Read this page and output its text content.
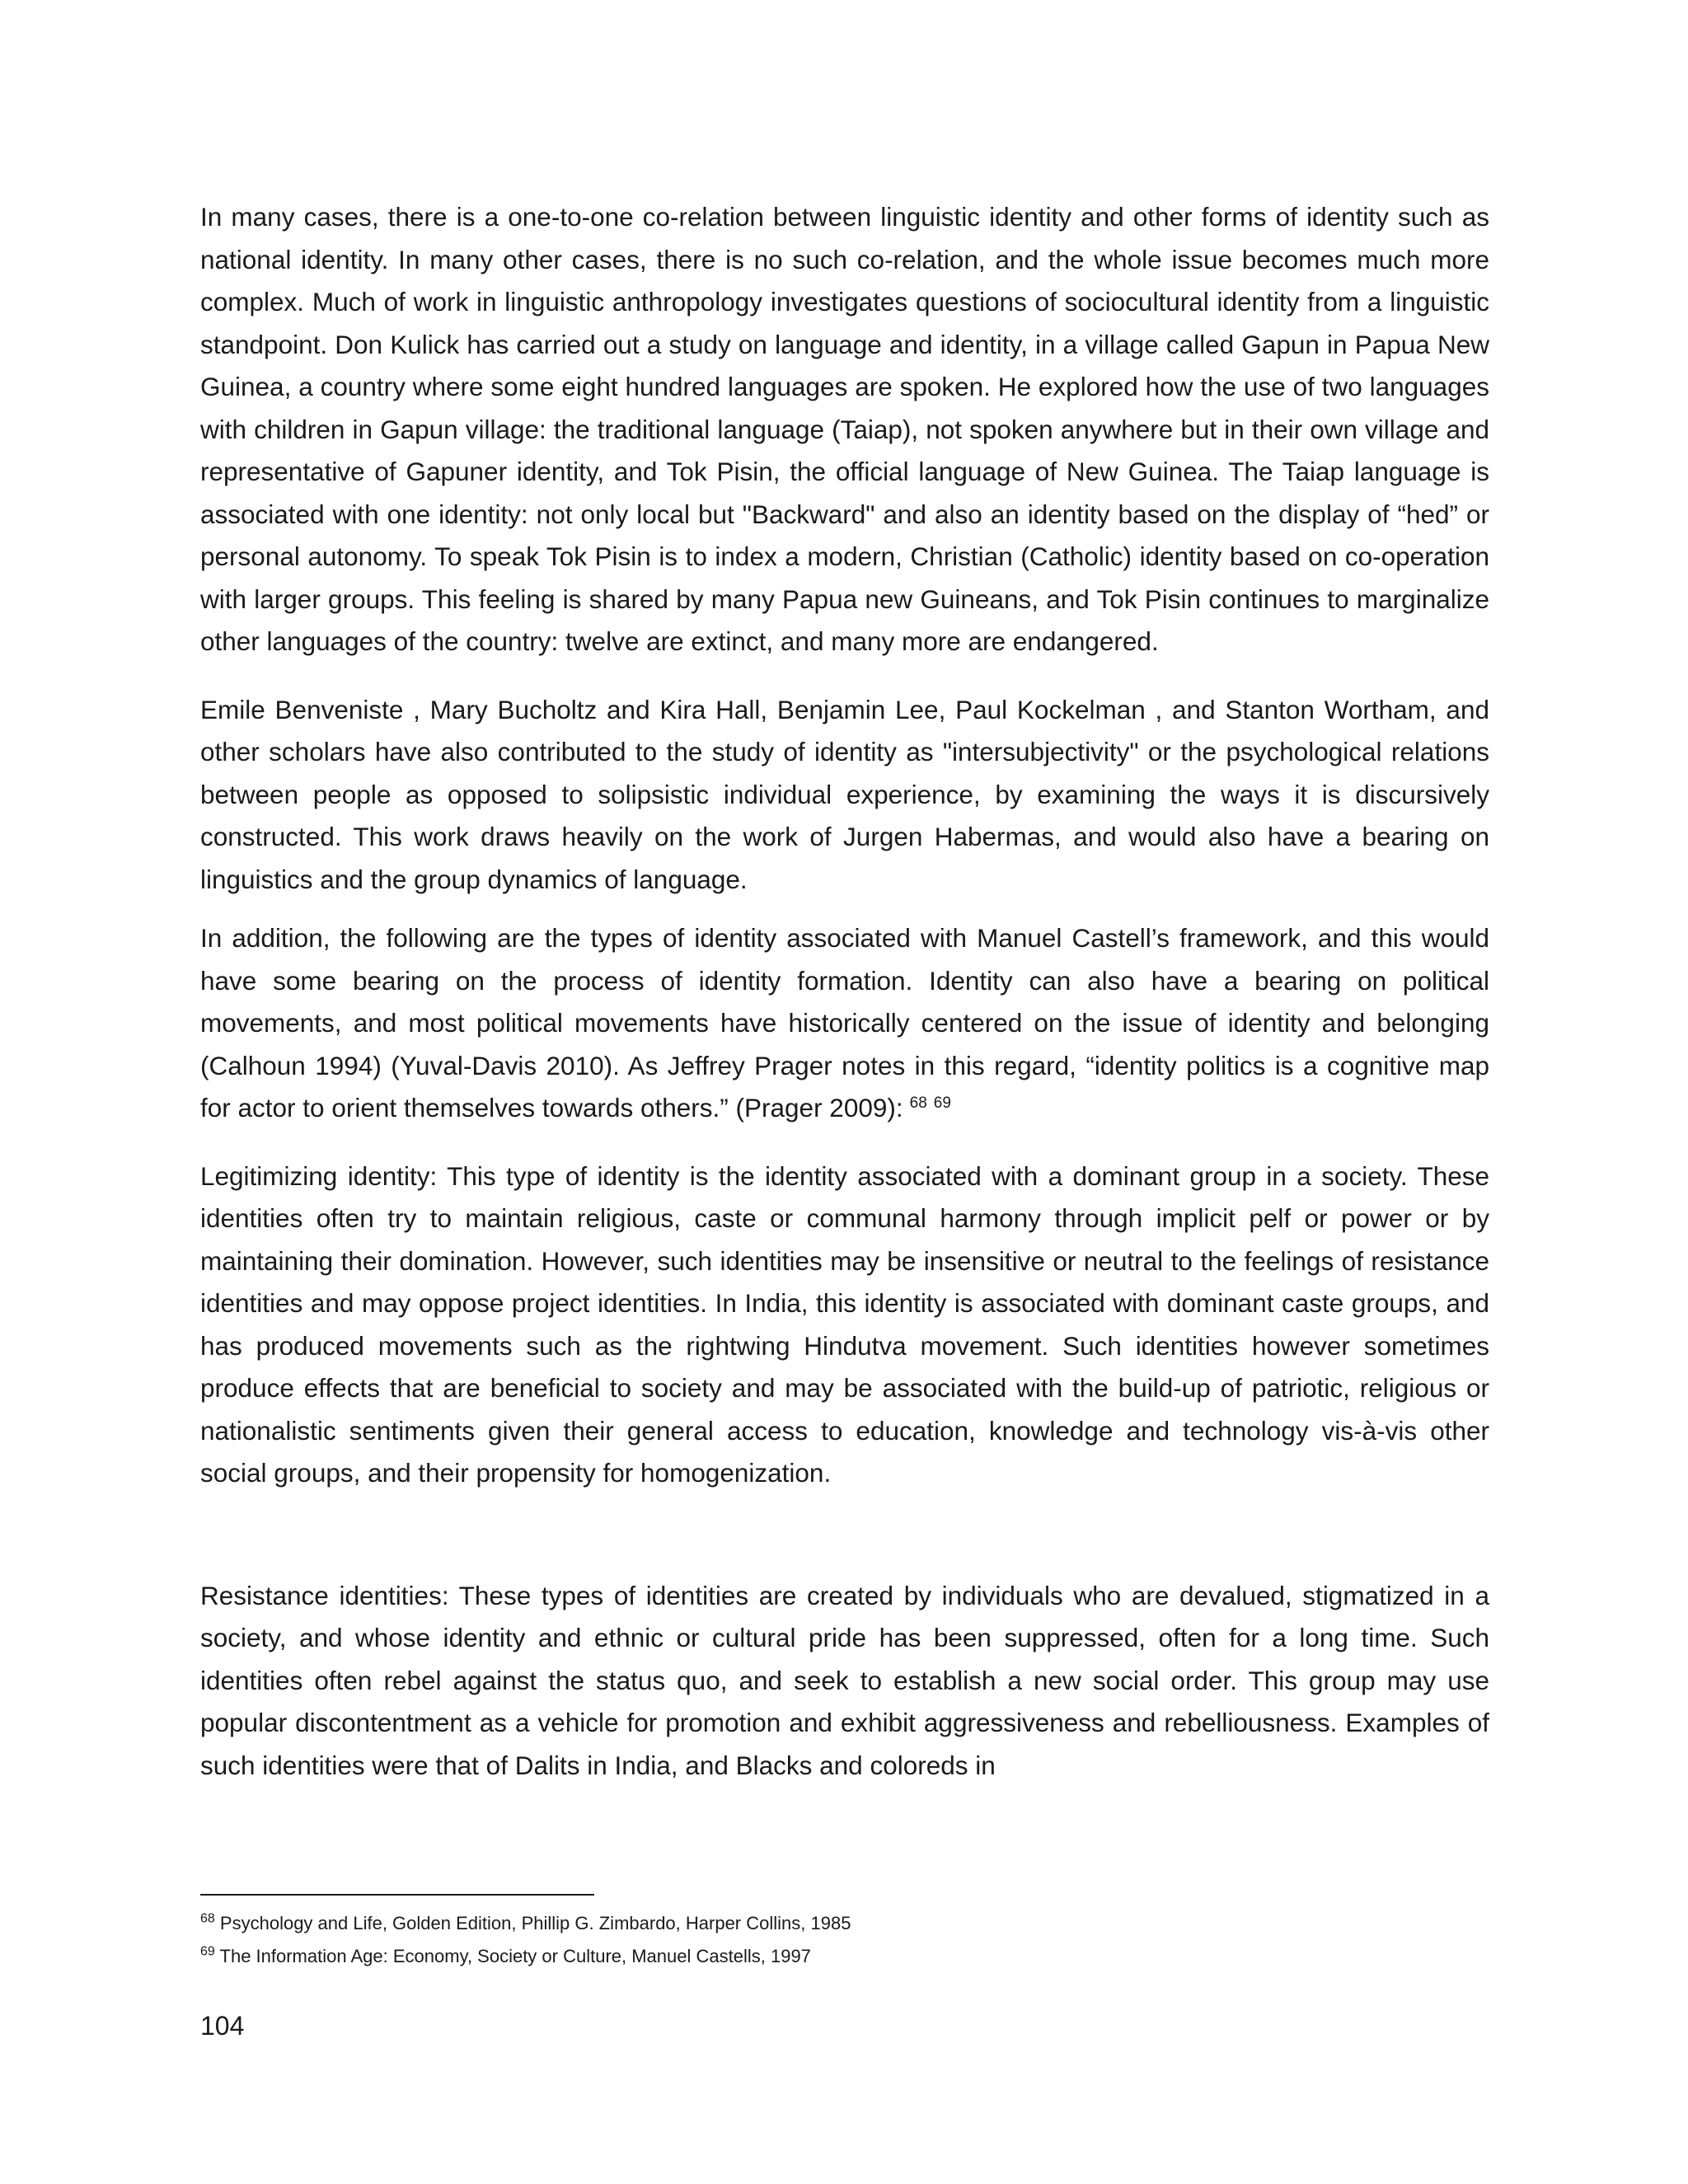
In many cases, there is a one-to-one co-relation between linguistic identity and other forms of identity such as national identity. In many other cases, there is no such co-relation, and the whole issue becomes much more complex. Much of work in linguistic anthropology investigates questions of sociocultural identity from a linguistic standpoint. Don Kulick has carried out a study on language and identity, in a village called Gapun in Papua New Guinea, a country where some eight hundred languages are spoken. He explored how the use of two languages with children in Gapun village: the traditional language (Taiap), not spoken anywhere but in their own village and representative of Gapuner identity, and Tok Pisin, the official language of New Guinea. The Taiap language is associated with one identity: not only local but "Backward" and also an identity based on the display of “hed” or personal autonomy. To speak Tok Pisin is to index a modern, Christian (Catholic) identity based on co-operation with larger groups. This feeling is shared by many Papua new Guineans, and Tok Pisin continues to marginalize other languages of the country: twelve are extinct, and many more are endangered.

Emile Benveniste , Mary Bucholtz and Kira Hall, Benjamin Lee, Paul Kockelman , and Stanton Wortham, and other scholars have also contributed to the study of identity as "intersubjectivity" or the psychological relations between people as opposed to solipsistic individual experience, by examining the ways it is discursively constructed. This work draws heavily on the work of Jurgen Habermas, and would also have a bearing on linguistics and the group dynamics of language.

In addition, the following are the types of identity associated with Manuel Castell’s framework, and this would have some bearing on the process of identity formation. Identity can also have a bearing on political movements, and most political movements have historically centered on the issue of identity and belonging (Calhoun 1994) (Yuval-Davis 2010). As Jeffrey Prager notes in this regard, “identity politics is a cognitive map for actor to orient themselves towards others.” (Prager 2009): $^{68}$ $^{69}$

Legitimizing identity: This type of identity is the identity associated with a dominant group in a society. These identities often try to maintain religious, caste or communal harmony through implicit pelf or power or by maintaining their domination. However, such identities may be insensitive or neutral to the feelings of resistance identities and may oppose project identities. In India, this identity is associated with dominant caste groups, and has produced movements such as the rightwing Hindutva movement. Such identities however sometimes produce effects that are beneficial to society and may be associated with the build-up of patriotic, religious or nationalistic sentiments given their general access to education, knowledge and technology vis-à-vis other social groups, and their propensity for homogenization.

Resistance identities: These types of identities are created by individuals who are devalued, stigmatized in a society, and whose identity and ethnic or cultural pride has been suppressed, often for a long time. Such identities often rebel against the status quo, and seek to establish a new social order. This group may use popular discontentment as a vehicle for promotion and exhibit aggressiveness and rebelliousness. Examples of such identities were that of Dalits in India, and Blacks and coloreds in

$^{68}$ Psychology and Life, Golden Edition, Phillip G. Zimbardo, Harper Collins, 1985

$^{69}$ The Information Age: Economy, Society or Culture, Manuel Castells, 1997

104
